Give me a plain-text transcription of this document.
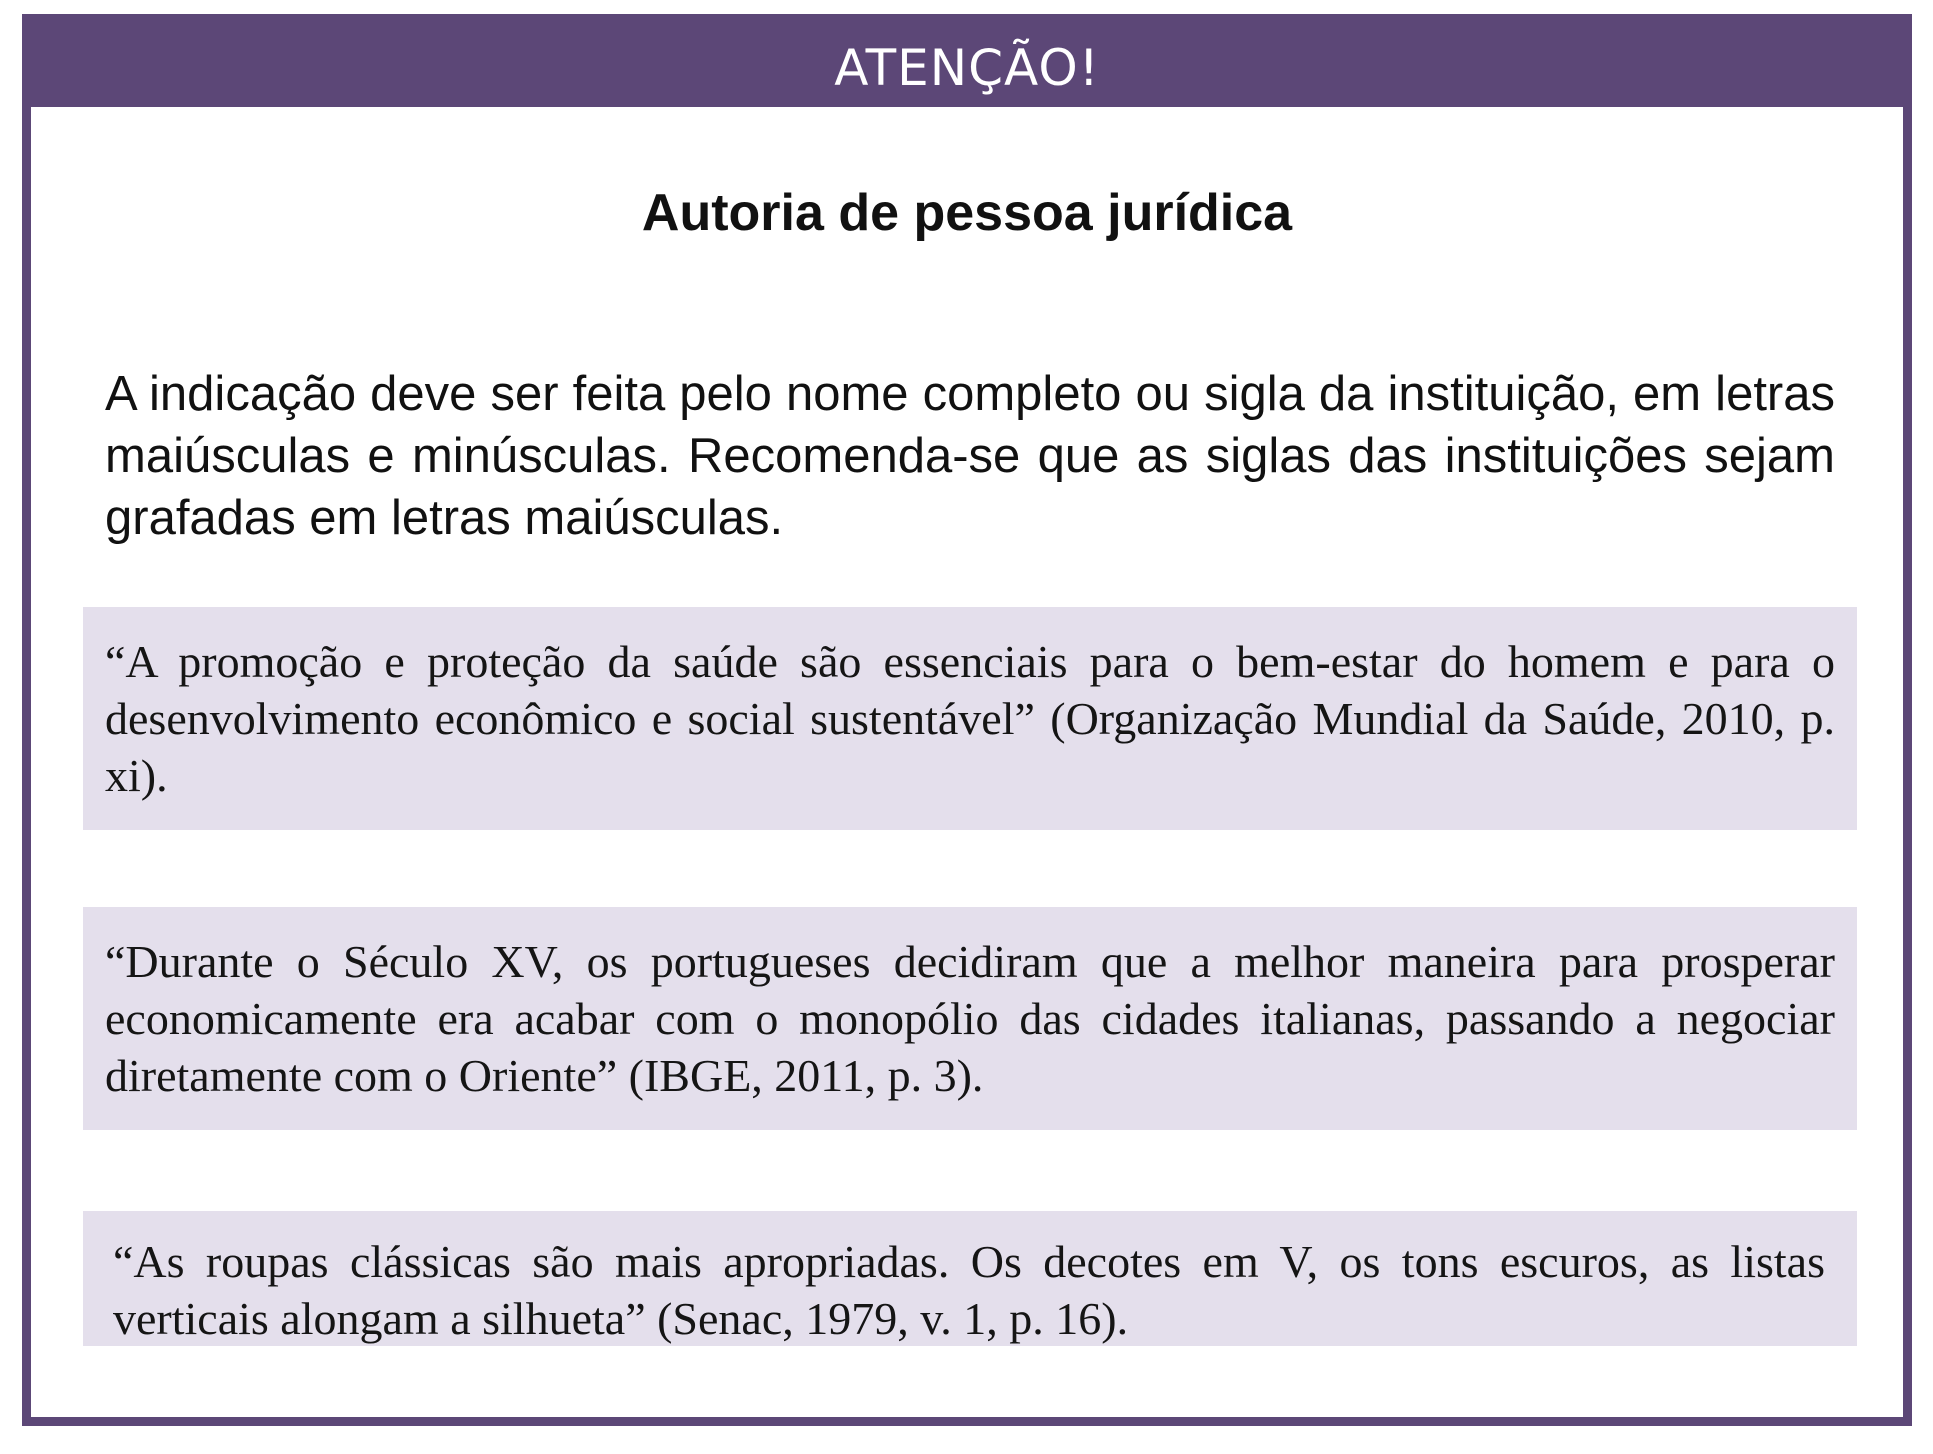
ATENÇÃO!
Autoria de pessoa jurídica

A indicação deve ser feita pelo nome completo ou sigla da instituição, em letras maiúsculas e minúsculas. Recomenda-se que as siglas das instituições sejam grafadas em letras maiúsculas.

“A promoção e proteção da saúde são essenciais para o bem-estar do homem e para o desenvolvimento econômico e social sustentável” (Organização Mundial da Saúde, 2010, p. xi).

“Durante o Século XV, os portugueses decidiram que a melhor maneira para prosperar economicamente era acabar com o monopólio das cidades italianas, passando a negociar diretamente com o Oriente” (IBGE, 2011, p. 3).

“As roupas clássicas são mais apropriadas. Os decotes em V, os tons escuros, as listas verticais alongam a silhueta” (Senac, 1979, v. 1, p. 16).
